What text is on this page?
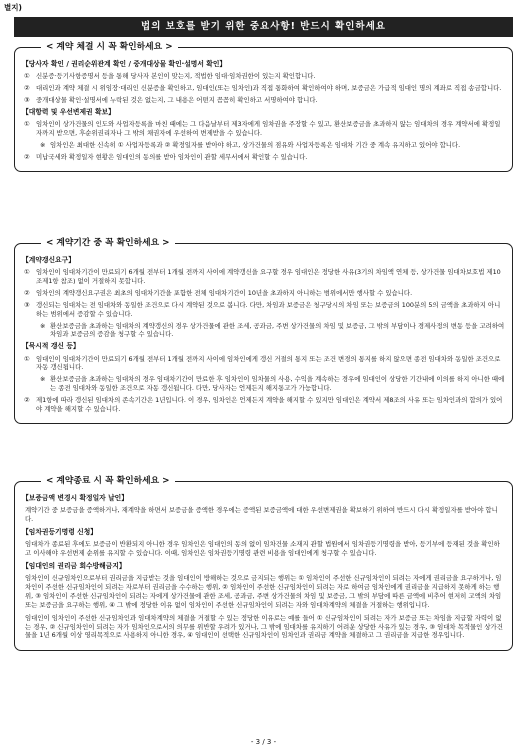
별지)
법의 보호를 받기 위한 중요사항! 반드시 확인하세요
< 계약 체결 시 꼭 확인하세요 >
【당사자 확인 / 권리순위관계 확인 / 중개대상물 확인·설명서 확인】
① 신분증·등기사항증명서 등을 통해 당사자 본인이 맞는지, 적법한 임대·임차권한이 있는지 확인합니다.
② 대리인과 계약 체결 시 위임장·대리인 신분증을 확인하고, 임대인(또는 임차인)과 직접 통화하여 확인하여야 하며, 보증금은 가급적 임대인 명의 계좌로 직접 송금합니다.
③ 중개대상물 확인·설명서에 누락된 것은 없는지, 그 내용은 어떤지 꼼꼼히 확인하고 서명하여야 합니다.
【대항력 및 우선변제권 확보】
① 임차인이 상가건물의 인도와 사업자등록을 마친 때에는 그 다음날부터 제3자에게 임차권을 주장할 수 있고, 환산보증금을 초과하지 않는 임대차의 경우 계약서에 확정일자까지 받으면, 후순위권리자나 그 밖의 채권자에 우선하여 변제받을 수 있습니다.
※ 임차인은 최대한 신속히 ① 사업자등록과 ② 확정일자를 받아야 하고, 상가건물의 점유와 사업자등록은 임대차 기간 중 계속 유지하고 있어야 합니다.
② 미납국세와 확정일자 현황은 임대인의 동의를 받아 임차인이 관할 세무서에서 확인할 수 있습니다.
< 계약기간 중 꼭 확인하세요 >
【계약갱신요구】
① 임차인이 임대차기간이 만료되기 6개월 전부터 1개월 전까지 사이에 계약갱신을 요구할 경우 임대인은 정당한 사유(3기의 차임액 연체 등, 상가건물 임대차보호법 제10조제1항 참조) 없이 거절하지 못합니다.
② 임차인의 계약갱신요구권은 최초의 임대차기간을 포함한 전체 임대차기간이 10년을 초과하지 아니하는 범위에서만 행사할 수 있습니다.
③ 갱신되는 임대차는 전 임대차와 동일한 조건으로 다시 계약된 것으로 봅니다. 다만, 차임과 보증금은 청구당시의 차임 또는 보증금의 100분의 5의 금액을 초과하지 아니하는 범위에서 증감할 수 있습니다.
※ 환산보증금을 초과하는 임대차의 계약갱신의 경우 상가건물에 관한 조세, 공과금, 주변 상가건물의 차임 및 보증금, 그 밖의 부담이나 경제사정의 변동 등을 고려하여 차임과 보증금의 증감을 청구할 수 있습니다.
【묵시적 갱신 등】
① 임대인이 임대차기간이 만료되기 6개월 전부터 1개월 전까지 사이에 임차인에게 갱신 거절의 통지 또는 조건 변경의 통지를 하지 않으면 종전 임대차와 동일한 조건으로 자동 갱신됩니다.
※ 환산보증금을 초과하는 임대차의 경우 임대차기간이 만료한 후 임차인이 임차물의 사용, 수익을 계속하는 경우에 임대인이 상당한 기간내에 이의를 하지 아니한 때에는 종전 임대차와 동일한 조건으로 자동 갱신됩니다. 다만, 당사자는 언제든지 해지통고가 가능합니다.
② 제1항에 따라 갱신된 임대차의 존속기간은 1년입니다. 이 경우, 임차인은 언제든지 계약을 해지할 수 있지만 임대인은 계약서 제8조의 사유 또는 임차인과의 합의가 있어야 계약을 해지할 수 있습니다.
< 계약종료 시 꼭 확인하세요 >
【보증금액 변경시 확정일자 날인】
계약기간 중 보증금을 증액하거나, 재계약을 하면서 보증금을 증액한 경우에는 증액된 보증금액에 대한 우선변제권을 확보하기 위하여 반드시 다시 확정일자를 받아야 합니다.
【임차권등기명령 신청】
임대차가 종료된 후에도 보증금이 반환되지 아니한 경우 임차인은 임대인의 동의 없이 임차건물 소재지 관할 법원에서 임차권등기명령을 받아, 등기부에 등재된 것을 확인하고 이사해야 우선변제 순위를 유지할 수 있습니다. 이때, 임차인은 임차권등기명령 관련 비용을 임대인에게 청구할 수 있습니다.
【임대인의 권리금 회수방해금지】
임차인이 신규임차인으로부터 권리금을 지급받는 것을 임대인이 방해하는 것으로 금지되는 행위는 ① 임차인이 주선한 신규임차인이 되려는 자에게 권리금을 요구하거나, 임차인이 주선한 신규임차인이 되려는 자로부터 권리금을 수수하는 행위, ② 임차인이 주선한 신규임차인이 되려는 자로 하여금 임차인에게 권리금을 지급하지 못하게 하는 행위, ③ 임차인이 주선한 신규임차인이 되려는 자에게 상가건물에 관한 조세, 공과금, 주변 상가건물의 차임 및 보증금, 그 밖의 부담에 따른 금액에 비추어 현저히 고액의 차임 또는 보증금을 요구하는 행위, ④ 그 밖에 정당한 이유 없이 임차인이 주선한 신규임차인이 되려는 자와 임대차계약의 체결을 거절하는 행위입니다.
임대인이 임차인이 주선한 신규임차인과 임대차계약의 체결을 거절할 수 있는 정당한 이유로는 예를 들어 ① 신규임차인이 되려는 자가 보증금 또는 차임을 지급할 자력이 없는 경우, ② 신규임차인이 되려는 자가 임차인으로서의 의무를 위반할 우려가 있거나, 그 밖에 임대차를 유지하기 어려운 상당한 사유가 있는 경우, ③ 임대차 목적물인 상가건물을 1년 6개월 이상 영리목적으로 사용하지 아니한 경우, ④ 임대인이 선택한 신규임차인이 임차인과 권리금 계약을 체결하고 그 권리금을 지급한 경우입니다.
- 3 / 3 -
